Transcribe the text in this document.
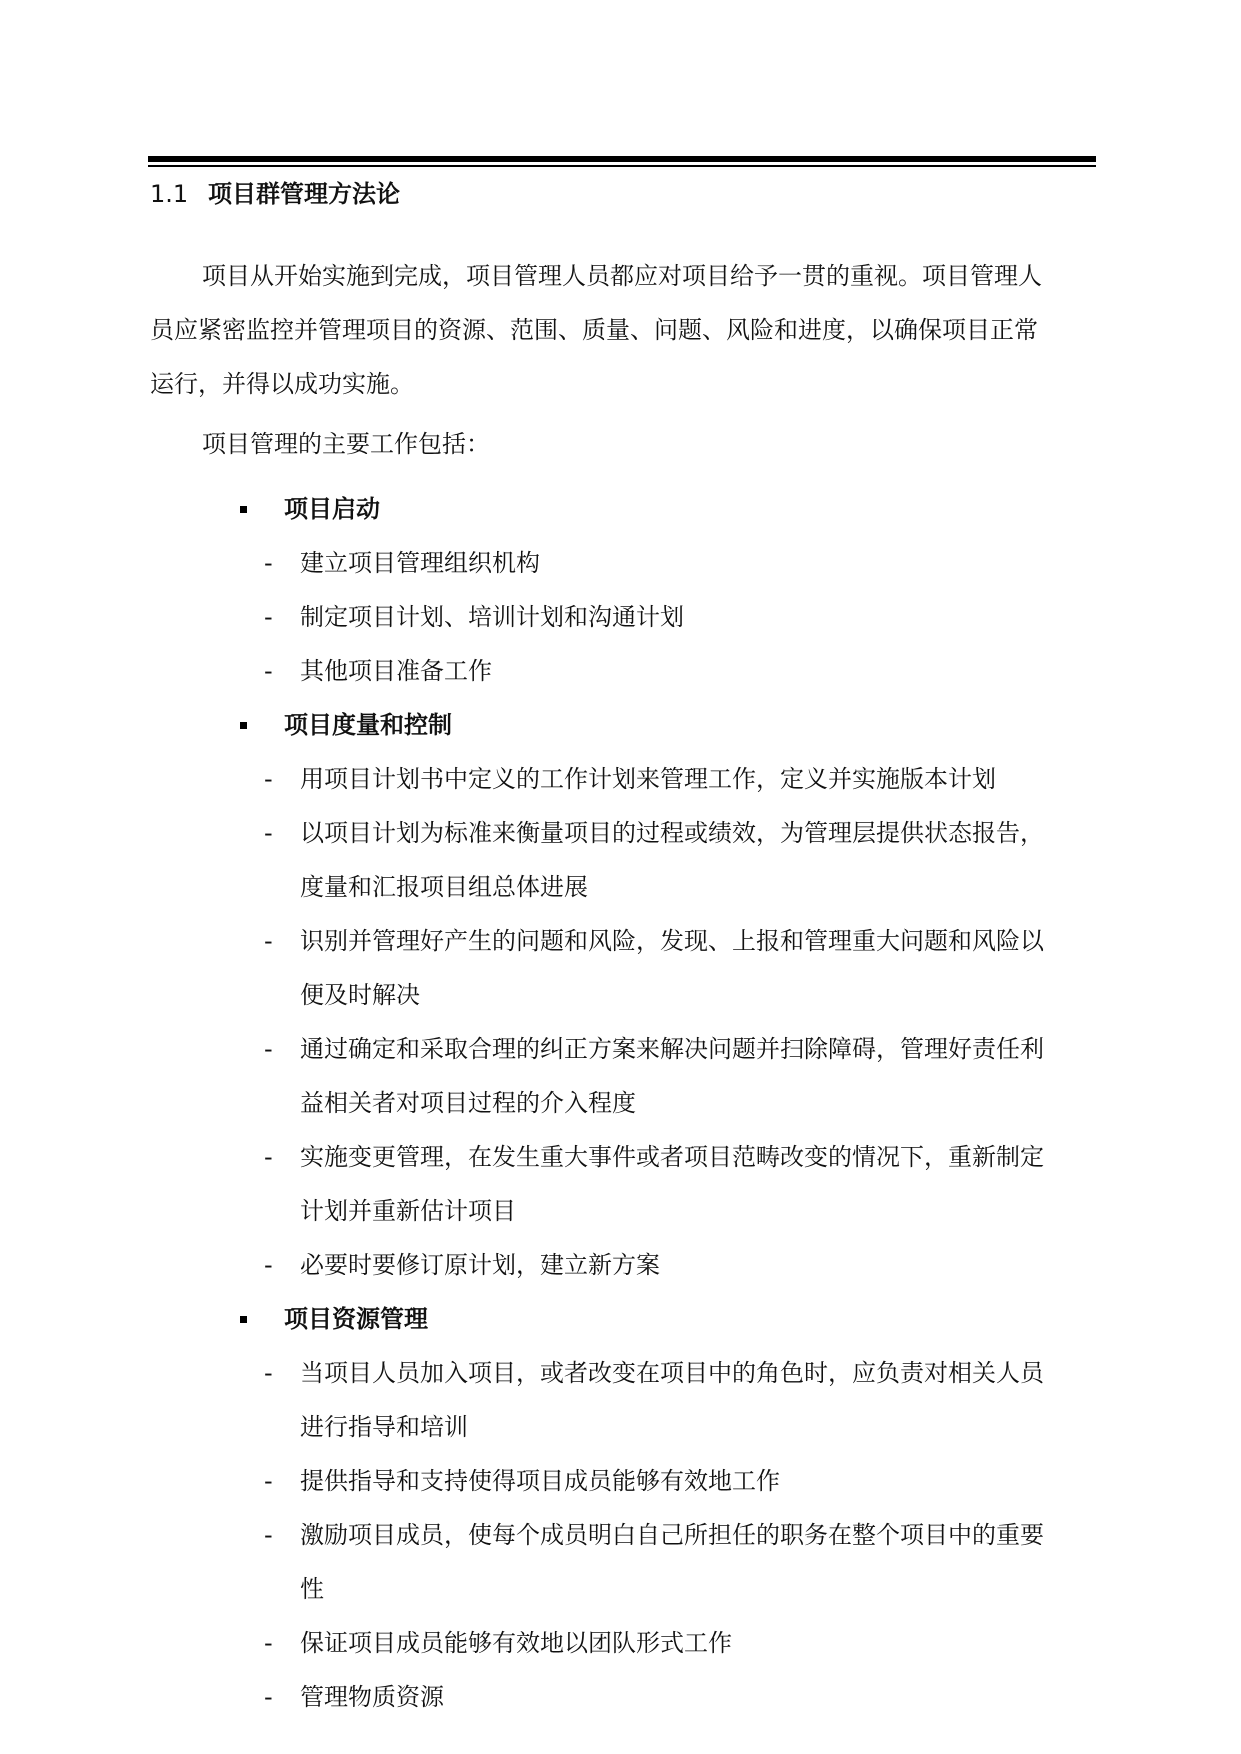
1.1 项目群管理方法论

项目从开始实施到完成，项目管理人员都应对项目给予一贯的重视。项目管理人
员应紧密监控并管理项目的资源、范围、质量、问题、风险和进度，以确保项目正常
运行，并得以成功实施。

项目管理的主要工作包括：
项目启动
- 建立项目管理组织机构
- 制定项目计划、培训计划和沟通计划
- 其他项目准备工作
项目度量和控制
- 用项目计划书中定义的工作计划来管理工作，定义并实施版本计划
- 以项目计划为标准来衡量项目的过程或绩效，为管理层提供状态报告，
度量和汇报项目组总体进展
- 识别并管理好产生的问题和风险，发现、上报和管理重大问题和风险以
便及时解决
- 通过确定和采取合理的纠正方案来解决问题并扫除障碍，管理好责任利
益相关者对项目过程的介入程度
- 实施变更管理，在发生重大事件或者项目范畴改变的情况下，重新制定
计划并重新估计项目
- 必要时要修订原计划，建立新方案
项目资源管理
- 当项目人员加入项目，或者改变在项目中的角色时，应负责对相关人员
进行指导和培训
- 提供指导和支持使得项目成员能够有效地工作
- 激励项目成员，使每个成员明白自己所担任的职务在整个项目中的重要
性
- 保证项目成员能够有效地以团队形式工作
- 管理物质资源
